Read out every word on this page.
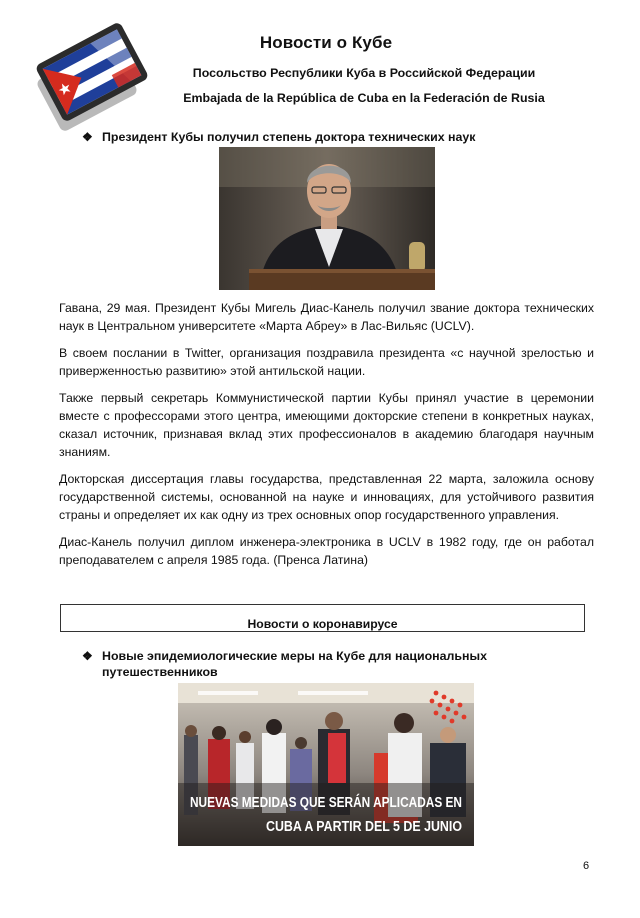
Новости о Кубе
Посольство Республики Куба в Российской Федерации
Embajada de la República de Cuba en la Federación de Rusia
❖ Президент Кубы получил степень доктора технических наук

Гавана, 29 мая. Президент Кубы Мигель Диас-Канель получил звание доктора технических наук в Центральном университете «Марта Абреу» в Лас-Вильяс (UCLV).

В своем послании в Twitter, организация поздравила президента «с научной зрелостью и приверженностью развитию» этой антильской нации.

Также первый секретарь Коммунистической партии Кубы принял участие в церемонии вместе с профессорами этого центра, имеющими докторские степени в конкретных науках, сказал источник, признавая вклад этих профессионалов в академию благодаря научным знаниям.

Докторская диссертация главы государства, представленная 22 марта, заложила основу государственной системы, основанной на науке и инновациях, для устойчивого развития страны и определяет их как одну из трех основных опор государственного управления.

Диас-Канель получил диплом инженера-электроника в UCLV в 1982 году, где он работал преподавателем с апреля 1985 года. (Пренса Латина)

Новости о коронавирусе
❖ Новые эпидемиологические меры на Кубе для национальных
путешественников
NUEVAS MEDIDAS QUE SERÁN APLICADAS EN
CUBA A PARTIR DEL 5 DE JUNIO
6
